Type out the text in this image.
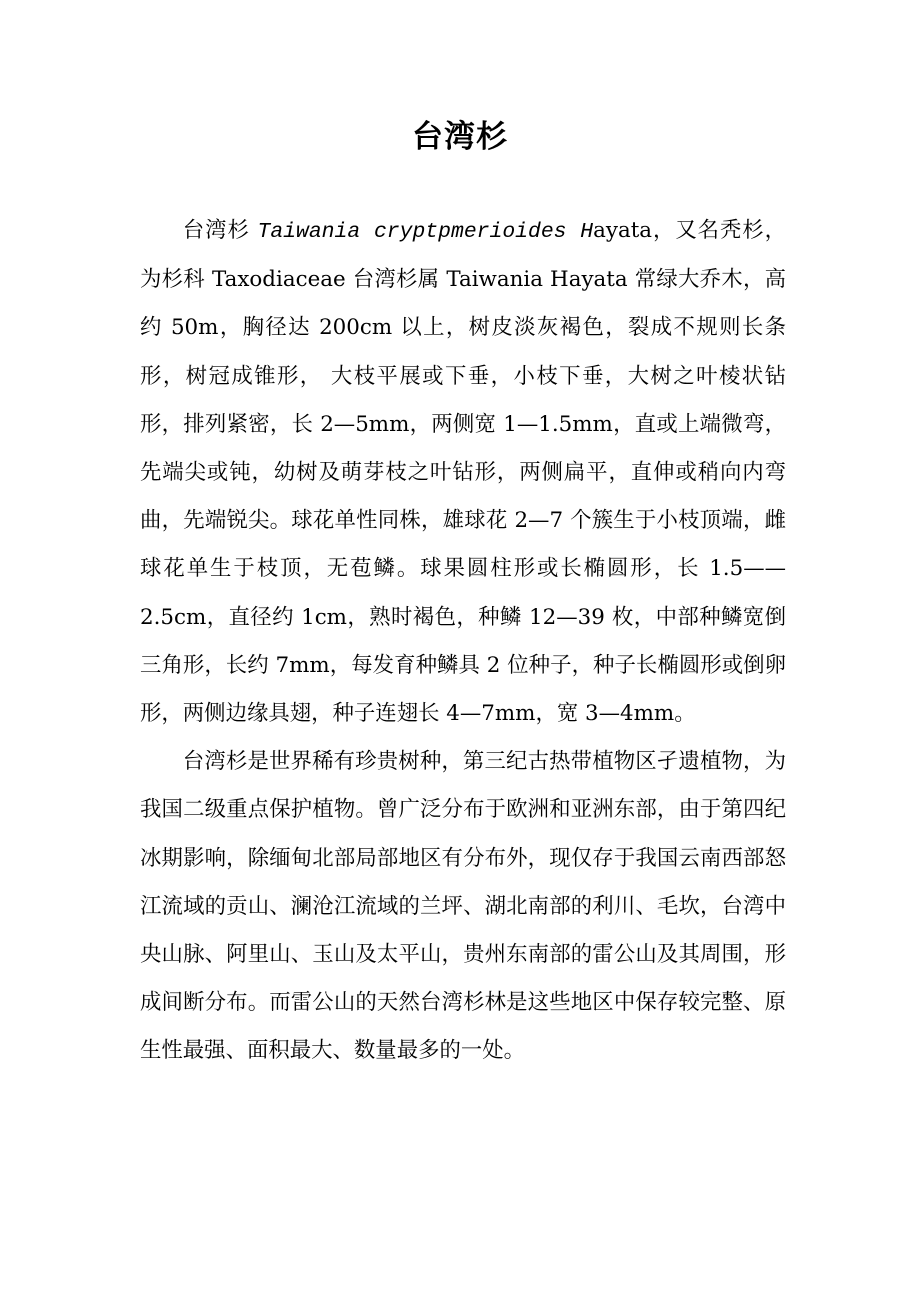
台湾杉

台湾杉 Taiwania cryptpmerioides Hayata，又名秃杉，为杉科 Taxodiaceae 台湾杉属 Taiwania Hayata 常绿大乔木，高约 50m，胸径达 200cm 以上，树皮淡灰褐色，裂成不规则长条形，树冠成锥形， 大枝平展或下垂，小枝下垂，大树之叶棱状钻形，排列紧密，长 2—5mm，两侧宽 1—1.5mm，直或上端微弯，先端尖或钝，幼树及萌芽枝之叶钻形，两侧扁平，直伸或稍向内弯曲，先端锐尖。球花单性同株，雄球花 2—7 个簇生于小枝顶端，雌球花单生于枝顶，无苞鳞。球果圆柱形或长椭圆形，长 1.5——2.5cm，直径约 1cm，熟时褐色，种鳞 12—39 枚，中部种鳞宽倒三角形，长约 7mm，每发育种鳞具 2 位种子，种子长椭圆形或倒卵形，两侧边缘具翅，种子连翅长 4—7mm，宽 3—4mm。

台湾杉是世界稀有珍贵树种，第三纪古热带植物区孑遗植物，为我国二级重点保护植物。曾广泛分布于欧洲和亚洲东部，由于第四纪冰期影响，除缅甸北部局部地区有分布外，现仅存于我国云南西部怒江流域的贡山、澜沧江流域的兰坪、湖北南部的利川、毛坎，台湾中央山脉、阿里山、玉山及太平山，贵州东南部的雷公山及其周围，形成间断分布。而雷公山的天然台湾杉林是这些地区中保存较完整、原生性最强、面积最大、数量最多的一处。
